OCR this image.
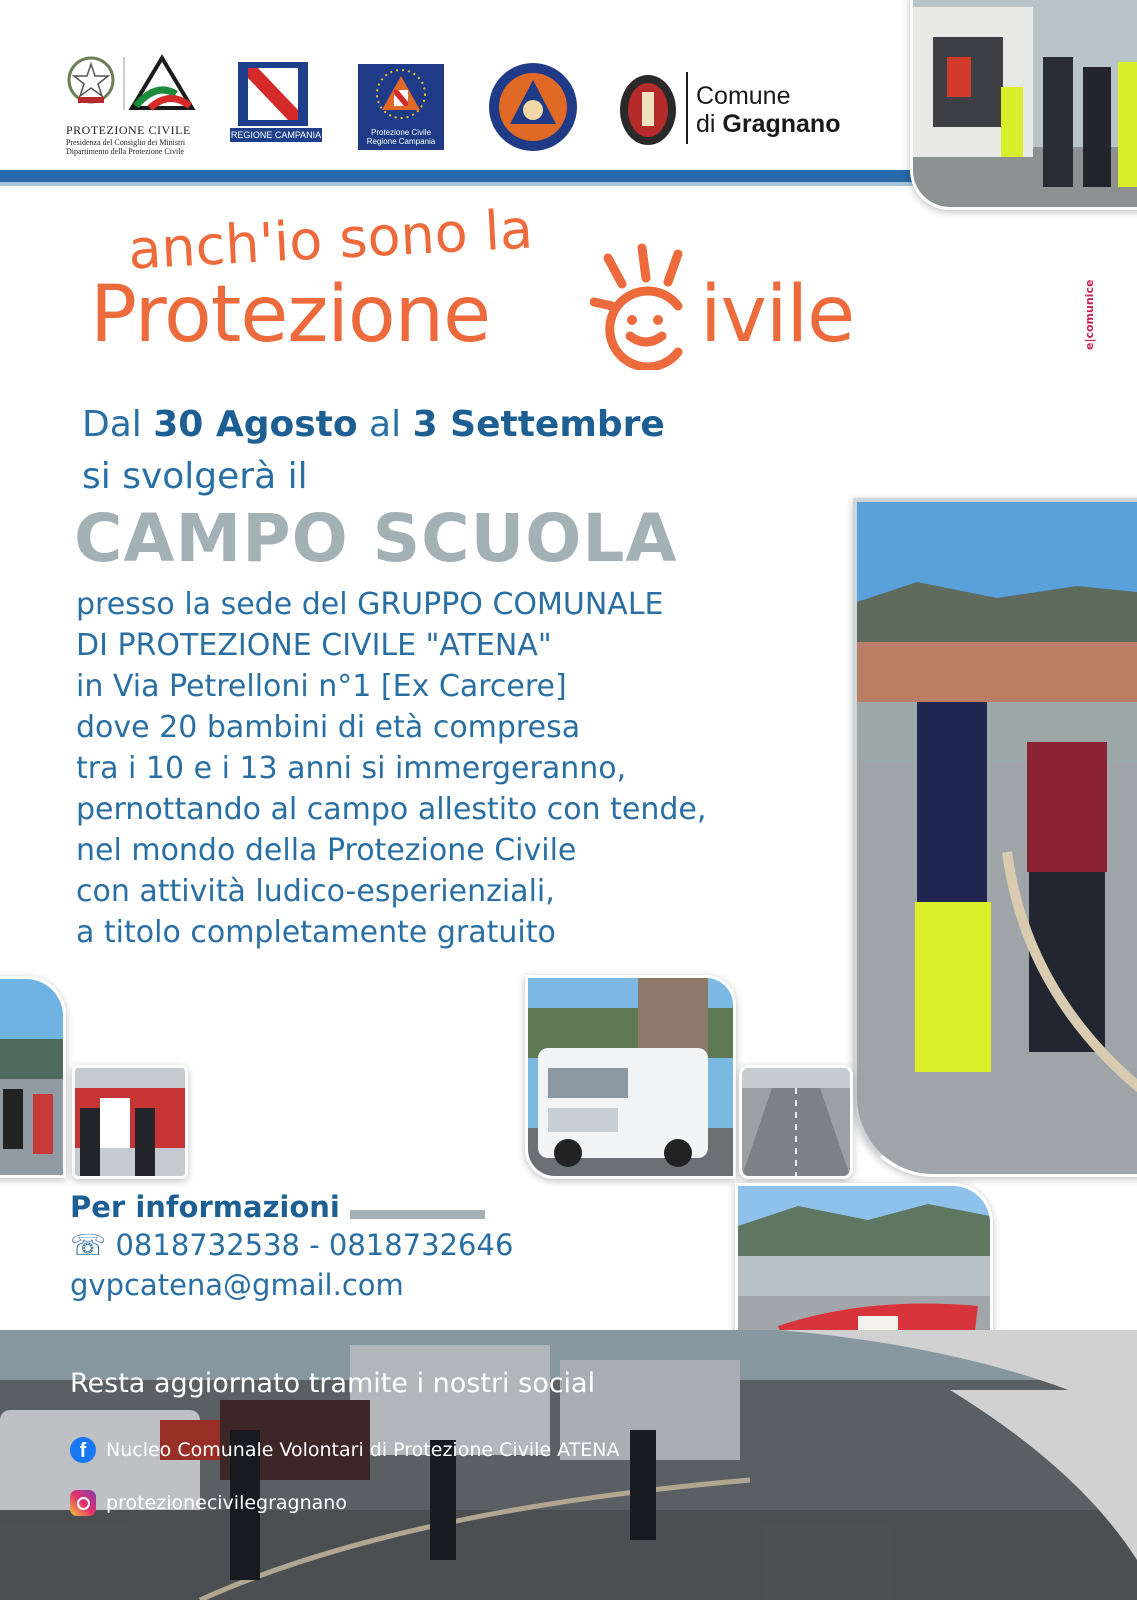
PROTEZIONE CIVILE
Presidenza del Consiglio dei Ministri
Dipartimento della Protezione Civile
REGIONE CAMPANIA	Protezione Civile
Regione Campania
Comune
di Gragnano
e|comunice
anch'io sono la
Protezione	ivile
Dal 30 Agosto al 3 Settembre
si svolgerà il
CAMPO SCUOLA
presso la sede del GRUPPO COMUNALE
DI PROTEZIONE CIVILE "ATENA"
in Via Petrelloni n°1 [Ex Carcere]
dove 20 bambini di età compresa
tra i 10 e i 13 anni si immergeranno,
pernottando al campo allestito con tende,
nel mondo della Protezione Civile
con attività ludico-esperienziali,
a titolo completamente gratuito
Per informazioni
☏ 0818732538 - 0818732646
gvpcatena@gmail.com
Resta aggiornato tramite i nostri social
f	Nucleo Comunale Volontari di Protezione Civile ATENA
protezionecivilegragnano
